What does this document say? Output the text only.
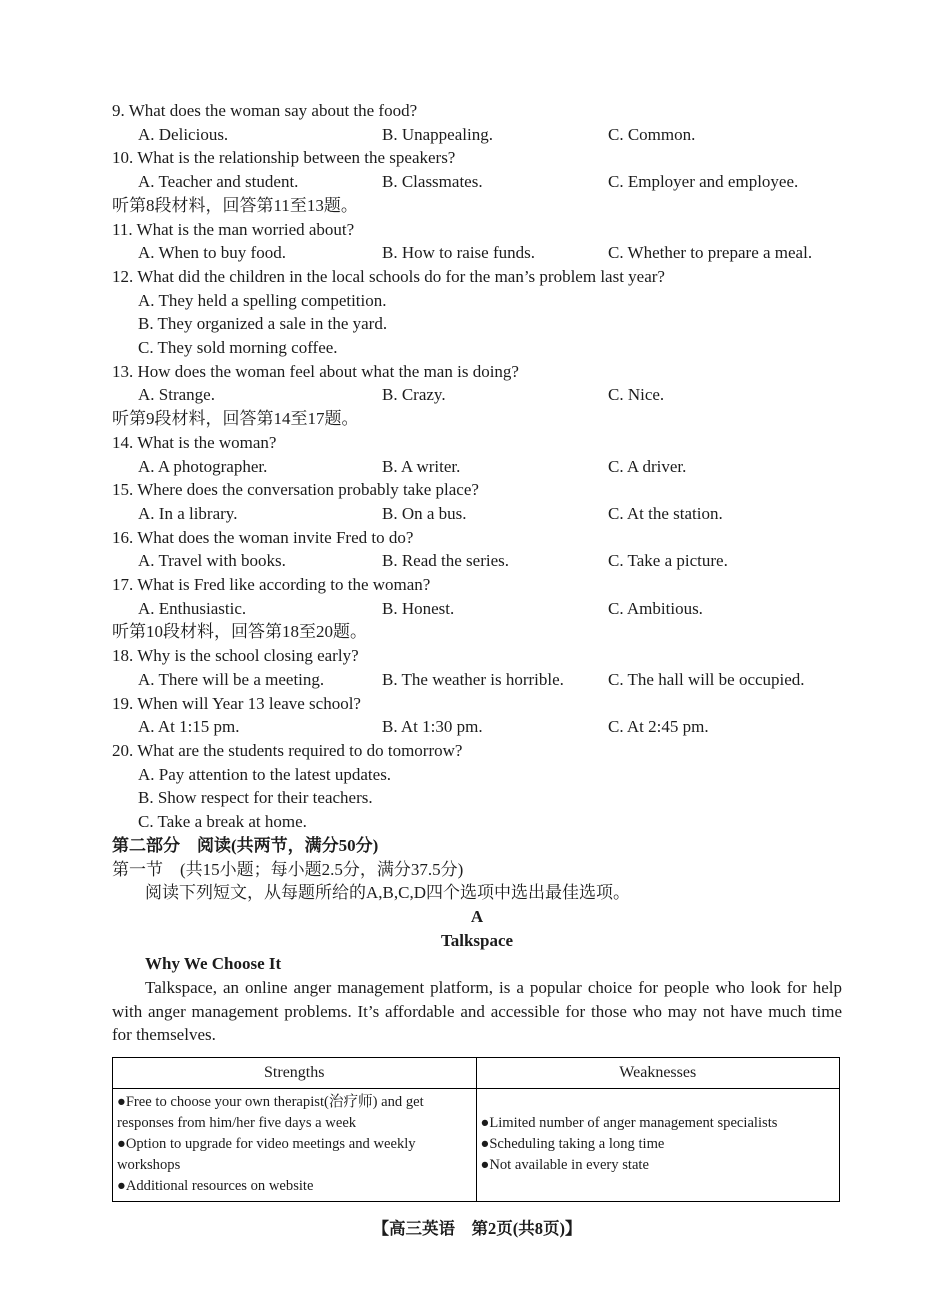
9. What does the woman say about the food?
A. Delicious.	B. Unappealing.	C. Common.
10. What is the relationship between the speakers?
A. Teacher and student.	B. Classmates.	C. Employer and employee.
听第8段材料，回答第11至13题。
11. What is the man worried about?
A. When to buy food.	B. How to raise funds.	C. Whether to prepare a meal.
12. What did the children in the local schools do for the man’s problem last year?
A. They held a spelling competition.
B. They organized a sale in the yard.
C. They sold morning coffee.
13. How does the woman feel about what the man is doing?
A. Strange.	B. Crazy.	C. Nice.
听第9段材料，回答第14至17题。
14. What is the woman?
A. A photographer.	B. A writer.	C. A driver.
15. Where does the conversation probably take place?
A. In a library.	B. On a bus.	C. At the station.
16. What does the woman invite Fred to do?
A. Travel with books.	B. Read the series.	C. Take a picture.
17. What is Fred like according to the woman?
A. Enthusiastic.	B. Honest.	C. Ambitious.
听第10段材料，回答第18至20题。
18. Why is the school closing early?
A. There will be a meeting.	B. The weather is horrible.	C. The hall will be occupied.
19. When will Year 13 leave school?
A. At 1:15 pm.	B. At 1:30 pm.	C. At 2:45 pm.
20. What are the students required to do tomorrow?
A. Pay attention to the latest updates.
B. Show respect for their teachers.
C. Take a break at home.
第二部分　阅读(共两节，满分50分)
第一节　(共15小题；每小题2.5分，满分37.5分)
阅读下列短文，从每题所给的A,B,C,D四个选项中选出最佳选项。
A
Talkspace
Why We Choose It
Talkspace, an online anger management platform, is a popular choice for people who look for help with anger management problems. It’s affordable and accessible for those who may not have much time for themselves.
Strengths	Weaknesses

●Free to choose your own therapist(治疗师) and get responses from him/her five days a week
●Option to upgrade for video meetings and weekly workshops
●Additional resources on website

●Limited number of anger management specialists
●Scheduling taking a long time
●Not available in every state
【高三英语　第2页(共8页)】
